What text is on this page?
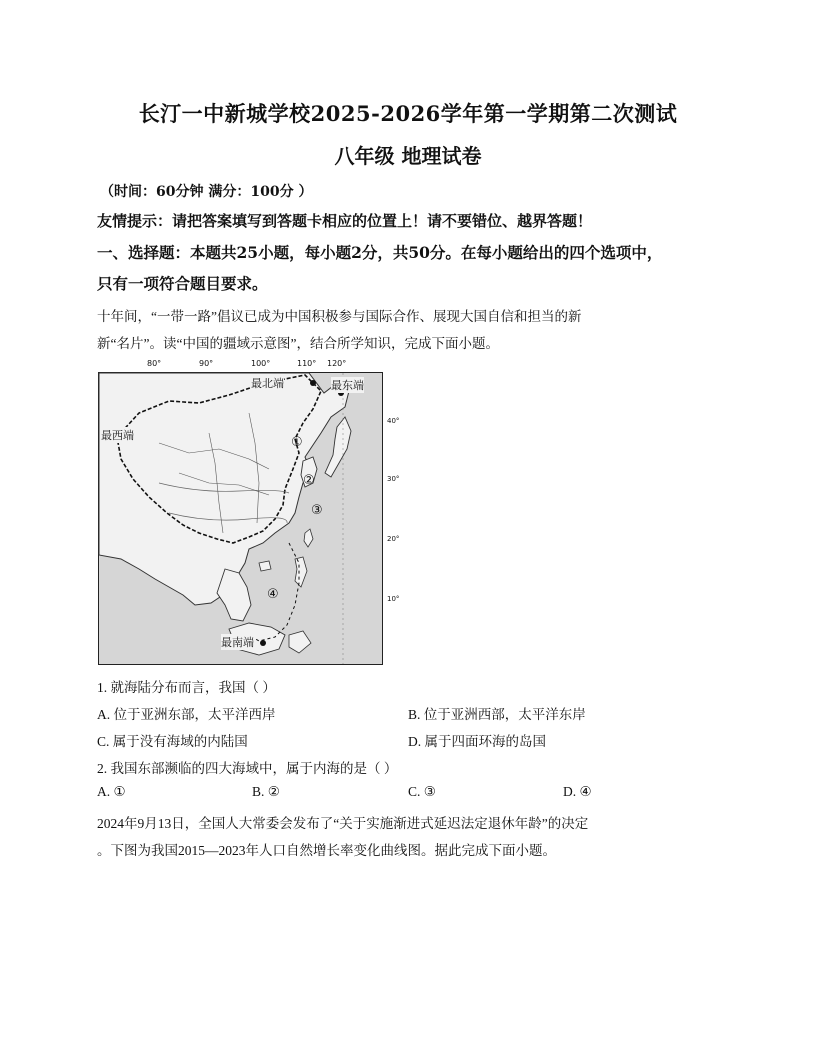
长汀一中新城学校2025-2026学年第一学期第二次测试
八年级 地理试卷
（时间：60分钟 满分：100分 ）
友情提示：请把答案填写到答题卡相应的位置上！请不要错位、越界答题！
一、选择题：本题共25小题，每小题2分，共50分。在每小题给出的四个选项中，
只有一项符合题目要求。
十年间，“一带一路”倡议已成为中国积极参与国际合作、展现大国自信和担当的新
新“名片”。读“中国的疆域示意图”，结合所学知识，完成下面小题。
80°	90°	100°	110° 120°
40°
30°
20°
10°
最北端	最东端
最西端
最南端
①
②
③
④
1. 就海陆分布而言，我国（ ）
A. 位于亚洲东部，太平洋西岸	B. 位于亚洲西部，太平洋东岸
C. 属于没有海域的内陆国	D. 属于四面环海的岛国
2. 我国东部濒临的四大海域中，属于内海的是（ ）
A. ①	B. ②	C. ③	D. ④
2024年9月13日，全国人大常委会发布了“关于实施渐进式延迟法定退休年龄”的决定
。下图为我国2015—2023年人口自然增长率变化曲线图。据此完成下面小题。
